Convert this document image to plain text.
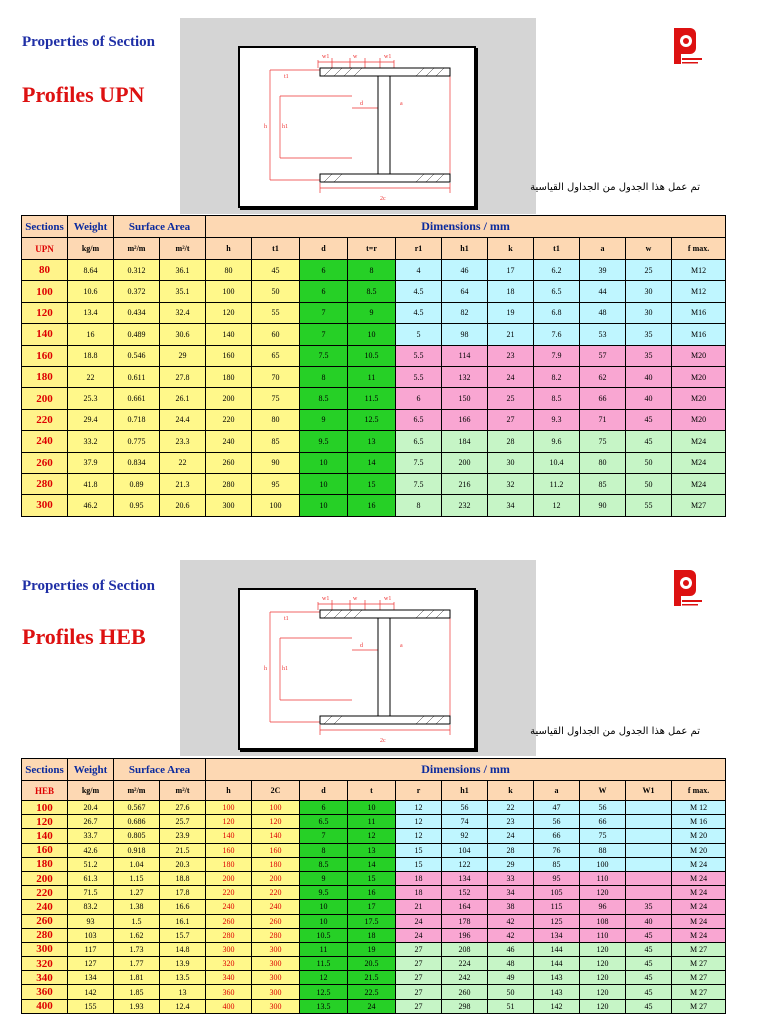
Properties of Section
Profiles UPN
w1	w	w1
t1
d	a
h	h1
2c
تم عمل هذا الجدول من الجداول القياسية
Sections	Weight	Surface Area		Dimensions / mm										
UPN	kg/m	m²/m	m²/t	h	t1	d	t=r	r1	h1	k	t1	a	w	f max.
80	8.64	0.312	36.1	80	45	6	8	4	46	17	6.2	39	25	M12
100	10.6	0.372	35.1	100	50	6	8.5	4.5	64	18	6.5	44	30	M12
120	13.4	0.434	32.4	120	55	7	9	4.5	82	19	6.8	48	30	M16
140	16	0.489	30.6	140	60	7	10	5	98	21	7.6	53	35	M16
160	18.8	0.546	29	160	65	7.5	10.5	5.5	114	23	7.9	57	35	M20
180	22	0.611	27.8	180	70	8	11	5.5	132	24	8.2	62	40	M20
200	25.3	0.661	26.1	200	75	8.5	11.5	6	150	25	8.5	66	40	M20
220	29.4	0.718	24.4	220	80	9	12.5	6.5	166	27	9.3	71	45	M20
240	33.2	0.775	23.3	240	85	9.5	13	6.5	184	28	9.6	75	45	M24
260	37.9	0.834	22	260	90	10	14	7.5	200	30	10.4	80	50	M24
280	41.8	0.89	21.3	280	95	10	15	7.5	216	32	11.2	85	50	M24
300	46.2	0.95	20.6	300	100	10	16	8	232	34	12	90	55	M27
Properties of Section
Profiles HEB
w1	w	w1
t1
d	a
h	h1
2c
تم عمل هذا الجدول من الجداول القياسية
Sections	Weight	Surface Area		Dimensions / mm										
HEB	kg/m	m²/m	m²/t	h	2C	d	t	r	h1	k	a	W	W1	f max.
100	20.4	0.567	27.6	100	100	6	10	12	56	22	47	56		M 12
120	26.7	0.686	25.7	120	120	6.5	11	12	74	23	56	66		M 16
140	33.7	0.805	23.9	140	140	7	12	12	92	24	66	75		M 20
160	42.6	0.918	21.5	160	160	8	13	15	104	28	76	88		M 20
180	51.2	1.04	20.3	180	180	8.5	14	15	122	29	85	100		M 24
200	61.3	1.15	18.8	200	200	9	15	18	134	33	95	110		M 24
220	71.5	1.27	17.8	220	220	9.5	16	18	152	34	105	120		M 24
240	83.2	1.38	16.6	240	240	10	17	21	164	38	115	96	35	M 24
260	93	1.5	16.1	260	260	10	17.5	24	178	42	125	108	40	M 24
280	103	1.62	15.7	280	280	10.5	18	24	196	42	134	110	45	M 24
300	117	1.73	14.8	300	300	11	19	27	208	46	144	120	45	M 27
320	127	1.77	13.9	320	300	11.5	20.5	27	224	48	144	120	45	M 27
340	134	1.81	13.5	340	300	12	21.5	27	242	49	143	120	45	M 27
360	142	1.85	13	360	300	12.5	22.5	27	260	50	143	120	45	M 27
400	155	1.93	12.4	400	300	13.5	24	27	298	51	142	120	45	M 27
